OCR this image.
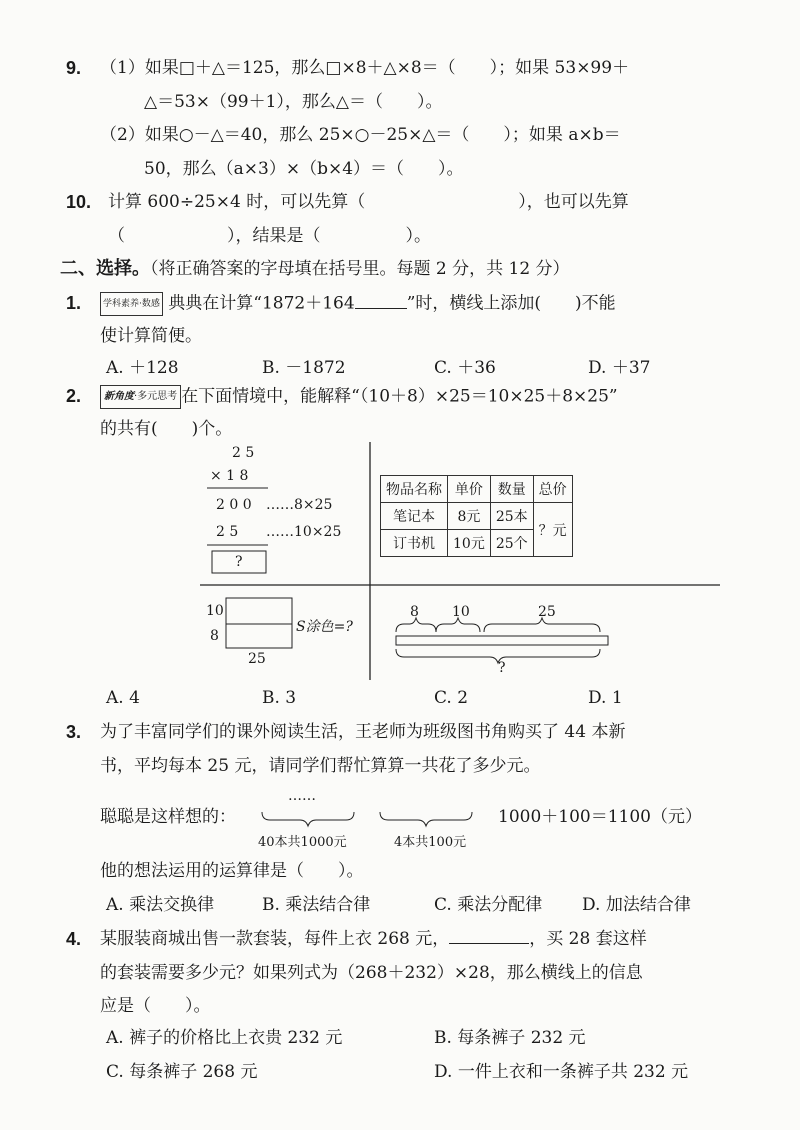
9. （1）如果□＋△＝125，那么□×8＋△×8＝（　　）；如果 53×99＋
△＝53×（99＋1），那么△＝（　　）。
（2）如果○－△＝40，那么 25×○－25×△＝（　　）；如果 a×b＝
50，那么（a×3）×（b×4）＝（　　）。
10. 计算 600÷25×4 时，可以先算（　　　　　　　　　），也可以先算
（　　　　　　），结果是（　　　　　）。
二、选择。（将正确答案的字母填在括号里。每题 2 分，共 12 分）
1.	学科素养·数感 典典在计算“1872＋164	”时，横线上添加(　　)不能
使计算简便。
A. ＋128	B. －1872	C. ＋36	D. ＋37
2.	新角度·多元思考 在下面情境中，能解释“（10＋8）×25＝10×25＋8×25”
的共有(　　)个。
2 5
× 1 8
2 0 0 ……8×25
2 5 ……10×25
?
物品名称	单价	数量	总价
笔记本	8元	25本	？元
订书机	10元	25个	
10
8
25
S涂色=?
8 10	25
?
A. 4	B. 3	C. 2	D. 1
3. 为了丰富同学们的课外阅读生活，王老师为班级图书角购买了 44 本新
书，平均每本 25 元，请同学们帮忙算算一共花了多少元。
聪聪是这样想的：
……
40本共1000元	4本共100元
1000＋100＝1100（元）
他的想法运用的运算律是（　　）。
A. 乘法交换律	B. 乘法结合律	C. 乘法分配律 D. 加法结合律
4. 某服装商城出售一款套装，每件上衣 268 元，	，买 28 套这样
的套装需要多少元？如果列式为（268＋232）×28，那么横线上的信息
应是（　　）。
A. 裤子的价格比上衣贵 232 元	B. 每条裤子 232 元
C. 每条裤子 268 元	D. 一件上衣和一条裤子共 232 元
